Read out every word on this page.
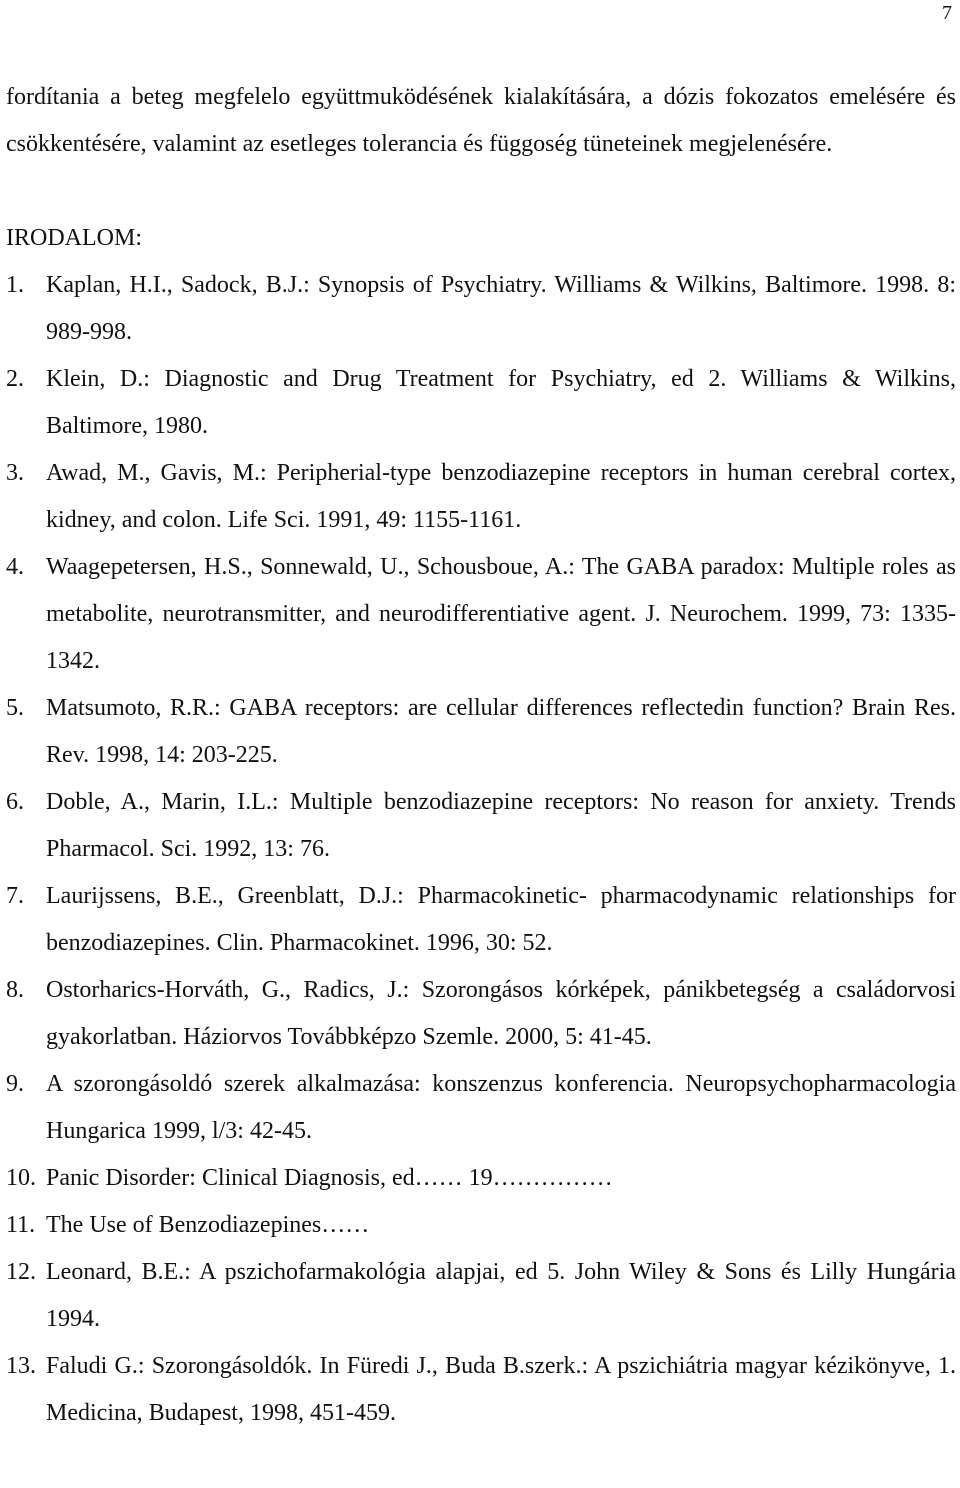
7
fordítania a beteg megfelelo együttmuködésének kialakítására, a dózis fokozatos emelésére és csökkentésére, valamint az esetleges tolerancia és függoség tüneteinek megjelenésére.
IRODALOM:
1. Kaplan, H.I., Sadock, B.J.: Synopsis of Psychiatry. Williams & Wilkins, Baltimore. 1998. 8: 989-998.
2. Klein, D.: Diagnostic and Drug Treatment for Psychiatry, ed 2. Williams & Wilkins, Baltimore, 1980.
3. Awad, M., Gavis, M.: Peripherial-type benzodiazepine receptors in human cerebral cortex, kidney, and colon. Life Sci. 1991, 49: 1155-1161.
4. Waagepetersen, H.S., Sonnewald, U., Schousboue, A.: The GABA paradox: Multiple roles as metabolite, neurotransmitter, and neurodifferentiative agent. J. Neurochem. 1999, 73: 1335-1342.
5. Matsumoto, R.R.: GABA receptors: are cellular differences reflectedin function? Brain Res. Rev. 1998, 14: 203-225.
6. Doble, A., Marin, I.L.: Multiple benzodiazepine receptors: No reason for anxiety. Trends Pharmacol. Sci. 1992, 13: 76.
7. Laurijssens, B.E., Greenblatt, D.J.: Pharmacokinetic- pharmacodynamic relationships for benzodiazepines. Clin. Pharmacokinet. 1996, 30: 52.
8. Ostorharics-Horváth, G., Radics, J.: Szorongásos kórképek, pánikbetegség a családorvosi gyakorlatban. Háziorvos Továbbképzo Szemle. 2000, 5: 41-45.
9. A szorongásoldó szerek alkalmazása: konszenzus konferencia. Neuropsychopharmacologia Hungarica 1999, l/3: 42-45.
10. Panic Disorder: Clinical Diagnosis, ed…… 19……………
11. The Use of Benzodiazepines……
12. Leonard, B.E.: A pszichofarmakológia alapjai, ed 5. John Wiley & Sons és Lilly Hungária 1994.
13. Faludi G.: Szorongásoldók. In Füredi J., Buda B.szerk.: A pszichiátria magyar kézikönyve, 1. Medicina, Budapest, 1998, 451-459.
